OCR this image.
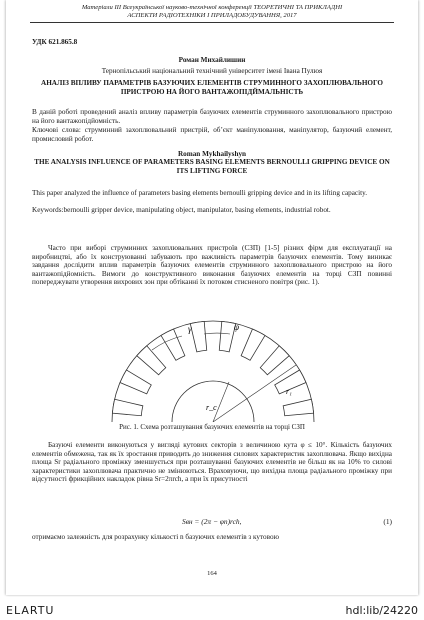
Матеріали ІІІ Всеукраїнської науково-технічної конференції ТЕОРЕТИЧНІ ТА ПРИКЛАДНІ
АСПЕКТИ РАДІОТЕХНІКИ І ПРИЛАДОБУДУВАННЯ, 2017
УДК 621.865.8
Роман Михайлишин
Тернопільський національний технічний університет імені Івана Пулюя
АНАЛІЗ ВПЛИВУ ПАРАМЕТРІВ БАЗУЮЧИХ ЕЛЕМЕНТІВ СТРУМИННОГО ЗАХОПЛЮВАЛЬНОГО ПРИСТРОЮ НА ЙОГО ВАНТАЖОПІДЙМАЛЬНІСТЬ
В даній роботі проведений аналіз впливу параметрів базуючих елементів струминного захоплювального пристрою на його вантажопідйомність.
Ключові слова: струминний захоплювальний пристрій, об’єкт маніпулювання, маніпулятор, базуючий елемент, промисловий робот.
Roman Mykhailyshyn
THE ANALYSIS INFLUENCE OF PARAMETERS BASING ELEMENTS BERNOULLI GRIPPING DEVICE ON ITS LIFTING FORCE
This paper analyzed the influence of parameters basing elements bernoulli gripping device and in its lifting capacity.
Keywords:bernoulli gripper device, manipulating object, manipulator, basing elements, industrial robot.
Часто при виборі струминних захоплювальних пристроїв (СЗП) [1-5] різних фірм для експлуатації на виробництві, або їх конструюванні забувають про важливість параметрів базуючих елементів. Тому виникає завдання дослідити вплив параметрів базуючих елементів струминного захоплювального пристрою на його вантажопідйомність. Вимоги до конструктивного виконання базуючих елементів на торці СЗП повинні попереджувати утворення вихрових зон при обтіканні їх потоком стисненого повітря (рис. 1).
γ	φ
r₁
r_c
Рис. 1. Схема розташування базуючих елементів на торці СЗП
Базуючі елементи виконуються у вигляді кутових секторів з величиною кута φ ≤ 10°. Кількість базуючих елементів обмежена, так як їх зростання приводить до зниження силових характеристик захоплювача. Якщо вихідна площа Sr радіального проміжку зменшується при розташуванні базуючих елементів не більш як на 10% то силові характеристики захоплювача практично не змінюються. Враховуючи, що вихідна площа радіального проміжку при відсутності фрикційних накладок рівна Sr=2πrch, а при їх присутності
Sвн = (2π − φn)rch,	(1)
отримаємо залежність для розрахунку кількості n базуючих елементів з кутовою
164
ELARTU	hdl:lib/24220
